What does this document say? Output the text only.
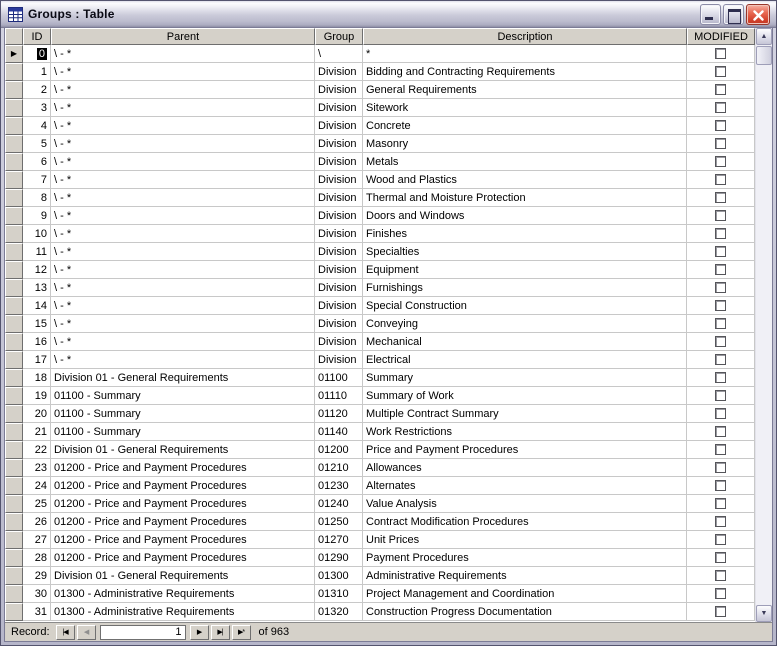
Groups : Table
	ID	Parent	Group	Description	MODIFIED
▶	0	\ - *	\	*	

	1	\ - *	Division	Bidding and Contracting Requirements	

	2	\ - *	Division	General Requirements	

	3	\ - *	Division	Sitework	

	4	\ - *	Division	Concrete	

	5	\ - *	Division	Masonry	

	6	\ - *	Division	Metals	

	7	\ - *	Division	Wood and Plastics	

	8	\ - *	Division	Thermal and Moisture Protection	

	9	\ - *	Division	Doors and Windows	

	10	\ - *	Division	Finishes	

	11	\ - *	Division	Specialties	

	12	\ - *	Division	Equipment	

	13	\ - *	Division	Furnishings	

	14	\ - *	Division	Special Construction	

	15	\ - *	Division	Conveying	

	16	\ - *	Division	Mechanical	

	17	\ - *	Division	Electrical	

	18	Division 01 - General Requirements	01100	Summary	

	19	01100 - Summary	01110	Summary of Work	

	20	01100 - Summary	01120	Multiple Contract Summary	

	21	01100 - Summary	01140	Work Restrictions	

	22	Division 01 - General Requirements	01200	Price and Payment Procedures	

	23	01200 - Price and Payment Procedures	01210	Allowances	

	24	01200 - Price and Payment Procedures	01230	Alternates	

	25	01200 - Price and Payment Procedures	01240	Value Analysis	

	26	01200 - Price and Payment Procedures	01250	Contract Modification Procedures	

	27	01200 - Price and Payment Procedures	01270	Unit Prices	

	28	01200 - Price and Payment Procedures	01290	Payment Procedures	

	29	Division 01 - General Requirements	01300	Administrative Requirements	

	30	01300 - Administrative Requirements	01310	Project Management and Coordination	

	31	01300 - Administrative Requirements	01320	Construction Progress Documentation	
▲
▼
Record:	|◀	◀
1	▶	▶|	▶*	of 963
